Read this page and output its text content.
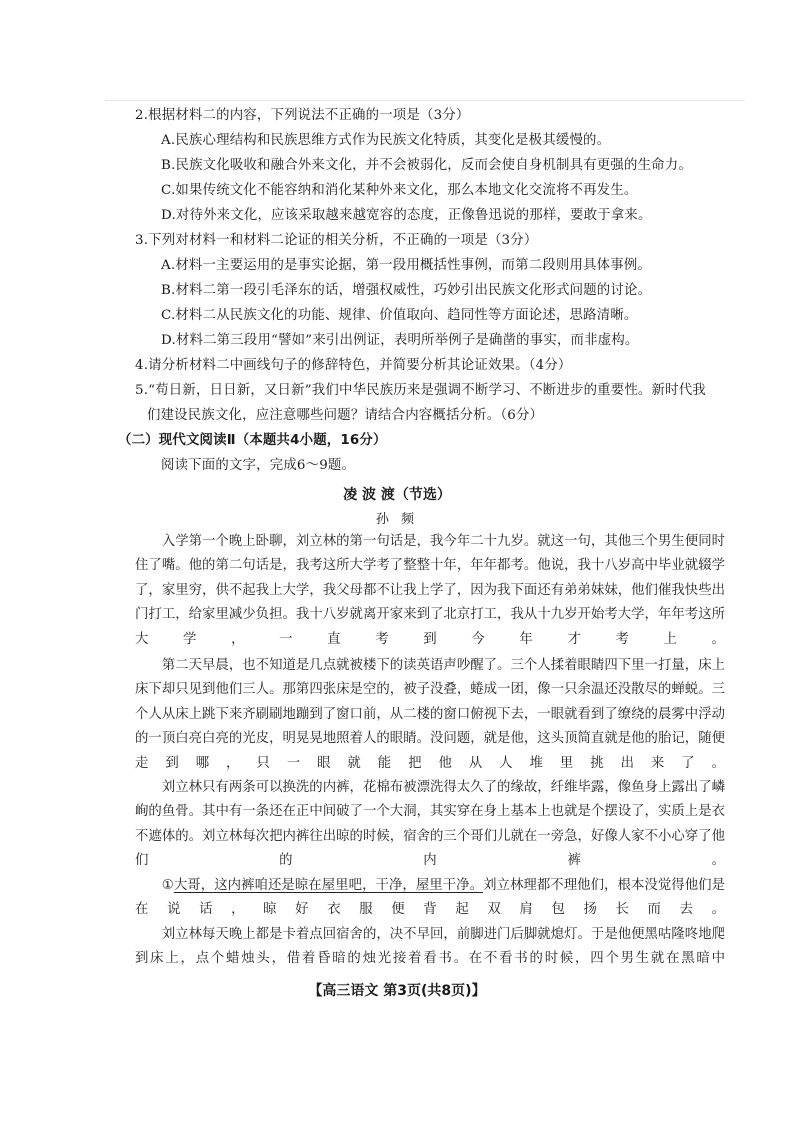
2.根据材料二的内容，下列说法不正确的一项是（3分）
A.民族心理结构和民族思维方式作为民族文化特质，其变化是极其缓慢的。
B.民族文化吸收和融合外来文化，并不会被弱化，反而会使自身机制具有更强的生命力。
C.如果传统文化不能容纳和消化某种外来文化，那么本地文化交流将不再发生。
D.对待外来文化，应该采取越来越宽容的态度，正像鲁迅说的那样，要敢于拿来。
3.下列对材料一和材料二论证的相关分析，不正确的一项是（3分）
A.材料一主要运用的是事实论据，第一段用概括性事例，而第二段则用具体事例。
B.材料二第一段引毛泽东的话，增强权威性，巧妙引出民族文化形式问题的讨论。
C.材料二从民族文化的功能、规律、价值取向、趋同性等方面论述，思路清晰。
D.材料二第三段用“譬如”来引出例证，表明所举例子是确凿的事实，而非虚构。
4.请分析材料二中画线句子的修辞特色，并简要分析其论证效果。（4分）
5.“苟日新，日日新，又日新”我们中华民族历来是强调不断学习、不断进步的重要性。新时代我
们建设民族文化，应注意哪些问题？请结合内容概括分析。（6分）
（二）现代文阅读Ⅱ（本题共4小题，16分）
阅读下面的文字，完成6～9题。
凌 波 渡（节选）
孙 频

入学第一个晚上卧聊，刘立林的第一句话是，我今年二十九岁。就这一句，其他三个男生便同时住了嘴。他的第二句话是，我考这所大学考了整整十年，年年都考。他说，我十八岁高中毕业就辍学了，家里穷，供不起我上大学，我父母都不让我上学了，因为我下面还有弟弟妹妹，他们催我快些出门打工，给家里减少负担。我十八岁就离开家来到了北京打工，我从十九岁开始考大学，年年考这所大学，一直考到今年才考上。

第二天早晨，也不知道是几点就被楼下的读英语声吵醒了。三个人揉着眼睛四下里一打量，床上床下却只见到他们三人。那第四张床是空的，被子没叠，蜷成一团，像一只余温还没散尽的蝉蜕。三个人从床上跳下来齐刷刷地蹦到了窗口前，从二楼的窗口俯视下去，一眼就看到了缭绕的晨雾中浮动的一顶白亮白亮的光皮，明晃晃地照着人的眼睛。没问题，就是他，这头顶简直就是他的胎记，随便走到哪，只一眼就能把他从人堆里挑出来了。

刘立林只有两条可以换洗的内裤，花棉布被漂洗得太久了的缘故，纤维毕露，像鱼身上露出了嶙峋的鱼骨。其中有一条还在正中间破了一个大洞，其实穿在身上基本上也就是个摆设了，实质上是衣不遮体的。刘立林每次把内裤往出晾的时候，宿舍的三个哥们儿就在一旁急，好像人家不小心穿了他们的内裤。

①大哥，这内裤咱还是晾在屋里吧，干净，屋里干净。刘立林理都不理他们，根本没觉得他们是在说话，晾好衣服便背起双肩包扬长而去。

刘立林每天晚上都是卡着点回宿舍的，决不早回，前脚进门后脚就熄灯。于是他便黑咕隆咚地爬到床上，点个蜡烛头，借着昏暗的烛光接着看书。在不看书的时候，四个男生就在黑暗中

【高三语文 第3页(共8页)】
